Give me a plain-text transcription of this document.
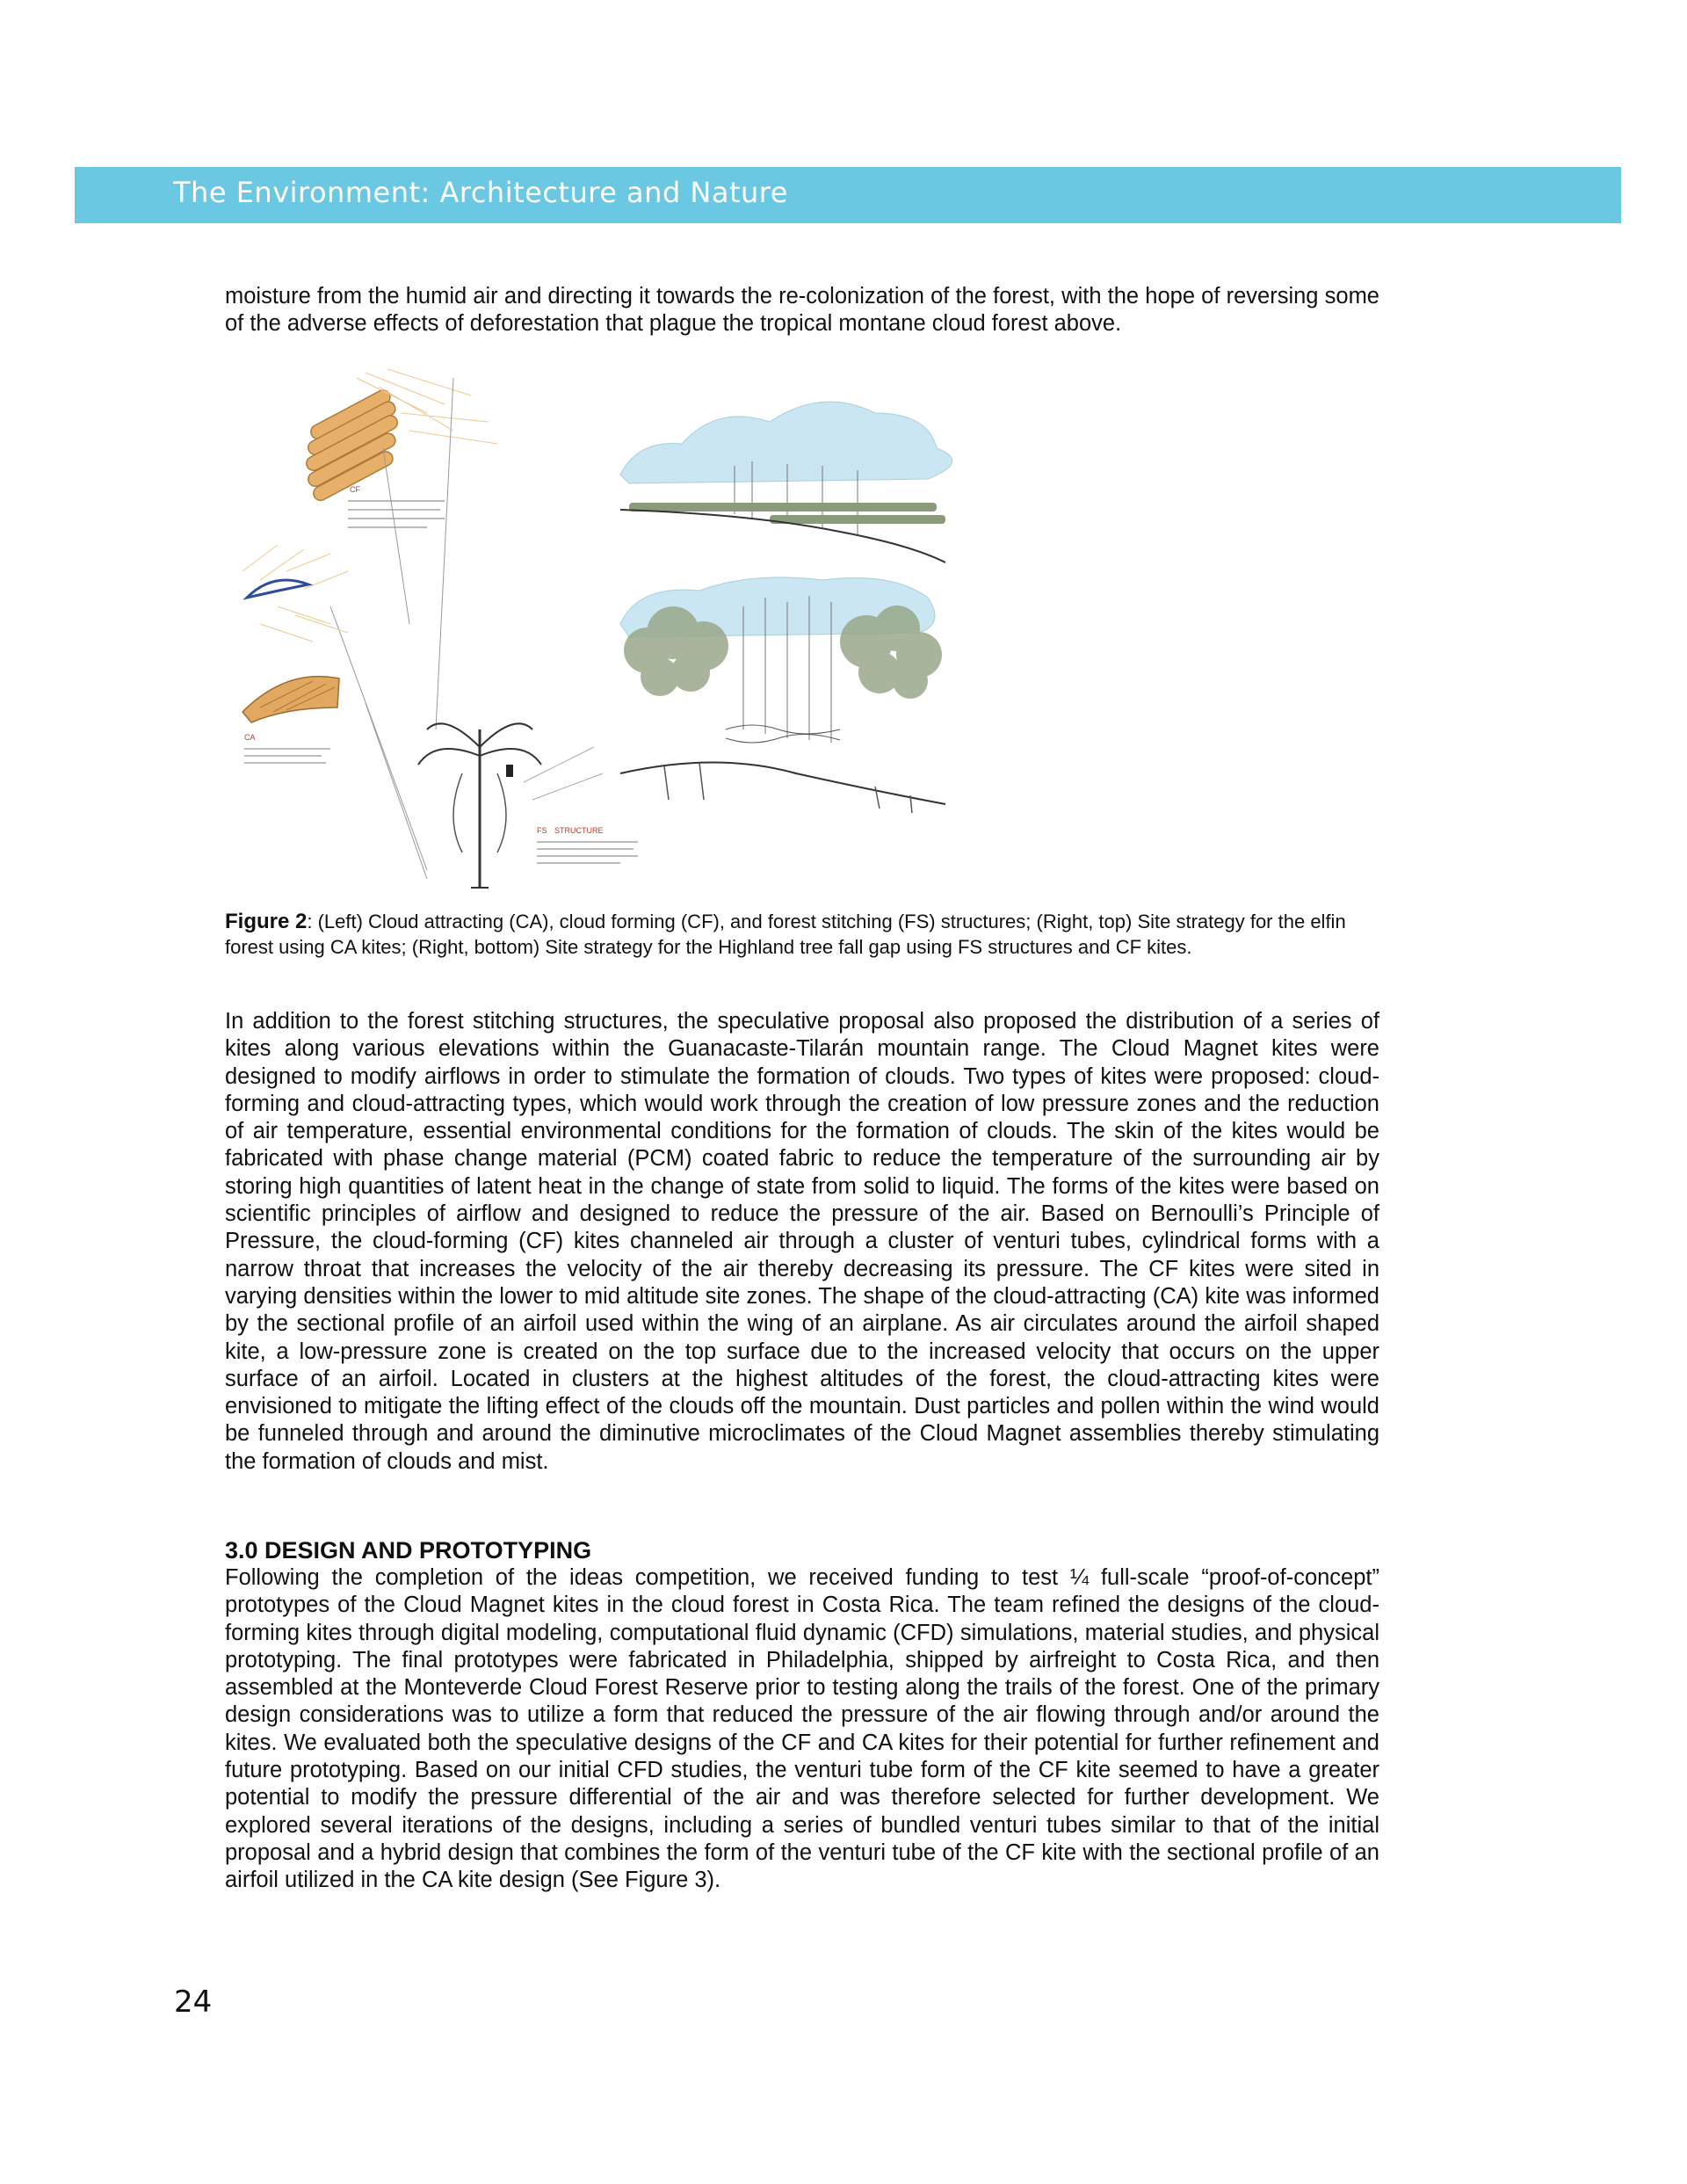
The Environment: Architecture and Nature

moisture from the humid air and directing it towards the re-colonization of the forest, with the hope of reversing some of the adverse effects of deforestation that plague the tropical montane cloud forest above.

CF
CA
FS STRUCTURE

Figure 2: (Left) Cloud attracting (CA), cloud forming (CF), and forest stitching (FS) structures; (Right, top) Site strategy for the elfin forest using CA kites; (Right, bottom) Site strategy for the Highland tree fall gap using FS structures and CF kites.

In addition to the forest stitching structures, the speculative proposal also proposed the distribution of a series of kites along various elevations within the Guanacaste-Tilarán mountain range. The Cloud Magnet kites were designed to modify airflows in order to stimulate the formation of clouds. Two types of kites were proposed: cloud-forming and cloud-attracting types, which would work through the creation of low pressure zones and the reduction of air temperature, essential environmental conditions for the formation of clouds. The skin of the kites would be fabricated with phase change material (PCM) coated fabric to reduce the temperature of the surrounding air by storing high quantities of latent heat in the change of state from solid to liquid. The forms of the kites were based on scientific principles of airflow and designed to reduce the pressure of the air. Based on Bernoulli’s Principle of Pressure, the cloud-forming (CF) kites channeled air through a cluster of venturi tubes, cylindrical forms with a narrow throat that increases the velocity of the air thereby decreasing its pressure. The CF kites were sited in varying densities within the lower to mid altitude site zones. The shape of the cloud-attracting (CA) kite was informed by the sectional profile of an airfoil used within the wing of an airplane. As air circulates around the airfoil shaped kite, a low-pressure zone is created on the top surface due to the increased velocity that occurs on the upper surface of an airfoil. Located in clusters at the highest altitudes of the forest, the cloud-attracting kites were envisioned to mitigate the lifting effect of the clouds off the mountain. Dust particles and pollen within the wind would be funneled through and around the diminutive microclimates of the Cloud Magnet assemblies thereby stimulating the formation of clouds and mist.

3.0 DESIGN AND PROTOTYPING

Following the completion of the ideas competition, we received funding to test ¼ full-scale “proof-of-concept” prototypes of the Cloud Magnet kites in the cloud forest in Costa Rica. The team refined the designs of the cloud-forming kites through digital modeling, computational fluid dynamic (CFD) simulations, material studies, and physical prototyping. The final prototypes were fabricated in Philadelphia, shipped by airfreight to Costa Rica, and then assembled at the Monteverde Cloud Forest Reserve prior to testing along the trails of the forest. One of the primary design considerations was to utilize a form that reduced the pressure of the air flowing through and/or around the kites. We evaluated both the speculative designs of the CF and CA kites for their potential for further refinement and future prototyping. Based on our initial CFD studies, the venturi tube form of the CF kite seemed to have a greater potential to modify the pressure differential of the air and was therefore selected for further development. We explored several iterations of the designs, including a series of bundled venturi tubes similar to that of the initial proposal and a hybrid design that combines the form of the venturi tube of the CF kite with the sectional profile of an airfoil utilized in the CA kite design (See Figure 3).

24
